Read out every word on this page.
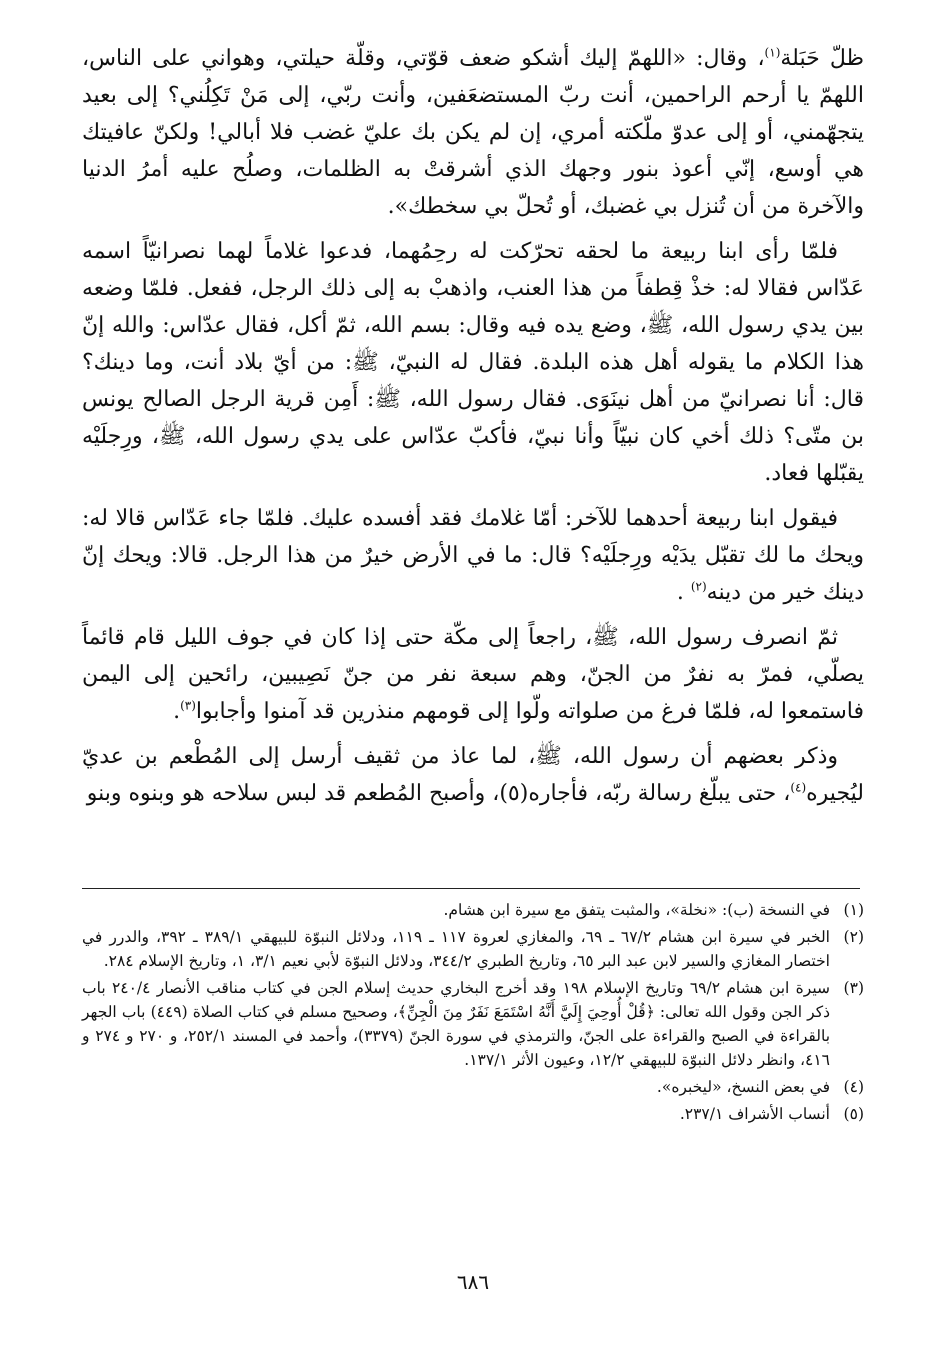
ظلّ حَبَلة$^{(١)}$، وقال: «اللهمّ إليك أشكو ضعف قوّتي، وقلّة حيلتي، وهواني على الناس، اللهمّ يا أرحم الراحمين، أنت ربّ المستضعَفين، وأنت ربّي، إلى مَنْ تَكِلُني؟ إلى بعيد يتجهّمني، أو إلى عدوّ ملّكته أمري، إن لم يكن بك عليّ غضب فلا أبالي! ولكنّ عافيتك هي أوسع، إنّي أعوذ بنور وجهك الذي أشرقتْ به الظلمات، وصلُح عليه أمرُ الدنيا والآخرة من أن تُنزل بي غضبك، أو تُحلّ بي سخطك».

فلمّا رأى ابنا ربيعة ما لحقه تحرّكت له رحِمُهما، فدعوا غلاماً لهما نصرانيّاً اسمه عَدّاس فقالا له: خذْ قِطفاً من هذا العنب، واذهبْ به إلى ذلك الرجل، ففعل. فلمّا وضعه بين يدي رسول الله، ﷺ، وضع يده فيه وقال: بسم الله، ثمّ أكل، فقال عدّاس: والله إنّ هذا الكلام ما يقوله أهل هذه البلدة. فقال له النبيّ، ﷺ: من أيّ بلاد أنت، وما دينك؟ قال: أنا نصرانيّ من أهل نينَوَى. فقال رسول الله، ﷺ: أَمِن قرية الرجل الصالح يونس بن متّى؟ ذلك أخي كان نبيّاً وأنا نبيّ، فأكبّ عدّاس على يدي رسول الله، ﷺ، ورِجلَيْه يقبّلها فعاد.

فيقول ابنا ربيعة أحدهما للآخر: أمّا غلامك فقد أفسده عليك. فلمّا جاء عَدّاس قالا له: ويحك ما لك تقبّل يدَيْه ورِجلَيْه؟ قال: ما في الأرض خيرٌ من هذا الرجل. قالا: ويحك إنّ دينك خير من دينه$^{(٢)}$ .

ثمّ انصرف رسول الله، ﷺ، راجعاً إلى مكّة حتى إذا كان في جوف الليل قام قائماً يصلّي، فمرّ به نفرٌ من الجنّ، وهم سبعة نفر من جنّ نَصِيبين، رائحين إلى اليمن فاستمعوا له، فلمّا فرغ من صلواته ولّوا إلى قومهم منذرين قد آمنوا وأجابوا$^{(٣)}$.

وذكر بعضهم أن رسول الله، ﷺ، لما عاذ من ثقيف أرسل إلى المُطْعم بن عديّ ليُجيره$^{(٤)}$، حتى يبلّغ رسالة ربّه، فأجاره(٥)، وأصبح المُطعم قد لبس سلاحه هو وبنوه وبنو

(١)
في النسخة (ب): «نخلة»، والمثبت يتفق مع سيرة ابن هشام.
(٢)
الخبر في سيرة ابن هشام ٦٧/٢ ـ ٦٩، والمغازي لعروة ١١٧ ـ ١١٩، ودلائل النبوّة للبيهقي ٣٨٩/١ ـ ٣٩٢، والدرر في اختصار المغازي والسير لابن عبد البر ٦٥، وتاريخ الطبري ٣٤٤/٢، ودلائل النبوّة لأبي نعيم ٣/١، ١، وتاريخ الإسلام ٢٨٤.
(٣)
سيرة ابن هشام ٦٩/٢ وتاريخ الإسلام ١٩٨ وقد أخرج البخاري حديث إسلام الجن في كتاب مناقب الأنصار ٢٤٠/٤ باب ذكر الجن وقول الله تعالى: ﴿قُلْ أُوحِيَ إِلَيَّ أَنَّهُ اسْتَمَعَ نَفَرٌ مِنَ الْجِنِّ﴾، وصحيح مسلم في كتاب الصلاة (٤٤٩) باب الجهر بالقراءة في الصبح والقراءة على الجنّ، والترمذي في سورة الجنّ (٣٣٧٩)، وأحمد في المسند ٢٥٢/١، و ٢٧٠ و ٢٧٤ و ٤١٦، وانظر دلائل النبوّة للبيهقي ١٢/٢، وعيون الأثر ١٣٧/١.
(٤)
في بعض النسخ، «ليخبره».
(٥)
أنساب الأشراف ٢٣٧/١.
٦٨٦
